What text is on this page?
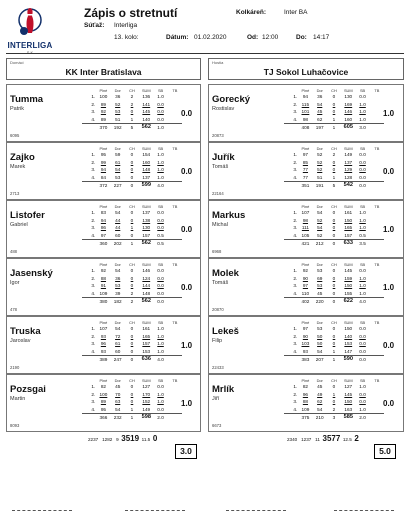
INTERLIGA
Zápis o stretnutí
Súťaž: Interliga
Kolkáreň:	Inter BA
13. kolo:	Dátum: 01.02.2020	Od: 12:00	Do: 14:17
Domáci
KK Inter Bratislava
Hostia
TJ Sokol Luhačovice
Tumma
Patrik
6095
0.0
	Plné	Dor	CH	SUM	SB	TB
1.	100	36	2	136	1.0	
2.	89	52	2	141	0.0	
3.	92	53	0	145	0.0	
4.	89	51	1	140	0.0	
	370	192	5	562	1.0	
Zajko
Marek
2713
0.0
	Plné	Dor	CH	SUM	SB	TB
1.	95	59	0	154	1.0	
2.	99	61	0	160	1.0	
3.	94	54	0	148	1.0	
4.	84	53	0	137	1.0	
	372	227	0	599	4.0	
Listofer
Gabriel
488
0.0
	Plné	Dor	CH	SUM	SB	TB
1.	83	54	0	137	0.0	
2.	94	44	0	138	0.0	
3.	86	44	1	130	0.0	
4.	97	60	0	157	0.5	
	360	202	1	562	0.5	
Jasenský
Igor
478
0.0
	Plné	Dor	CH	SUM	SB	TB
1.	92	54	0	146	0.0	
2.	88	36	0	124	0.0	
3.	91	53	0	144	0.0	
4.	109	39	2	148	0.0	
	380	182	2	562	0.0	
Truska
Jaroslav
2190
1.0
	Plné	Dor	CH	SUM	SB	TB
1.	107	54	0	161	1.0	
2.	93	72	0	165	1.0	
3.	96	61	0	157	1.0	
4.	93	60	0	153	1.0	
	389	247	0	636	4.0	
Pozsgai
Martin
8093
1.0
	Plné	Dor	CH	SUM	SB	TB
1.	82	45	0	127	0.0	
2.	100	70	0	170	1.0	
3.	89	63	0	152	1.0	
4.	95	54	1	149	0.0	
	366	232	1	598	2.0	
Gorecký
Rostislav
20873
1.0
	Plné	Dor	CH	SUM	SB	TB
1.	94	36	0	130	0.0	
2.	115	54	0	169	1.0	
3.	101	45	0	146	1.0	
4.	98	62	1	160	1.0	
	408	197	1	605	3.0	
Juřík
Tomáš
22164
0.0
	Plné	Dor	CH	SUM	SB	TB
1.	97	52	2	149	0.0	
2.	85	52	0	137	0.0	
3.	77	52	0	129	0.0	
4.	77	51	1	128	0.0	
	351	191	5	542	0.0	
Markus
Michal
6968
1.0
	Plné	Dor	CH	SUM	SB	TB
1.	107	54	0	161	1.0	
2.	98	52	0	150	1.0	
3.	111	54	0	165	1.0	
4.	105	52	0	157	0.5	
	421	212	0	633	3.5	
Molek
Tomáš
20870
1.0
	Plné	Dor	CH	SUM	SB	TB
1.	92	53	0	145	0.0	
2.	90	69	0	159	1.0	
3.	97	53	0	150	1.0	
4.	110	45	0	155	1.0	
	402	220	0	622	4.0	
Lekeš
Filip
22433
0.0
	Plné	Dor	CH	SUM	SB	TB
1.	97	53	0	150	0.0	
2.	90	50	0	140	0.0	
3.	103	50	0	153	0.0	
4.	93	54	1	147	0.0	
	383	207	1	590	0.0	
Mrlík
Jiří
6673
0.0
	Plné	Dor	CH	SUM	SB	TB
1.	82	45	0	127	1.0	
2.	96	49	1	145	0.0	
3.	88	62	0	150	0.0	
4.	109	54	2	163	1.0	
	375	210	3	585	2.0	
2237 1282 9 3519 11.5 0	2340 1237 11 3577 12.5 2
3.0	5.0
